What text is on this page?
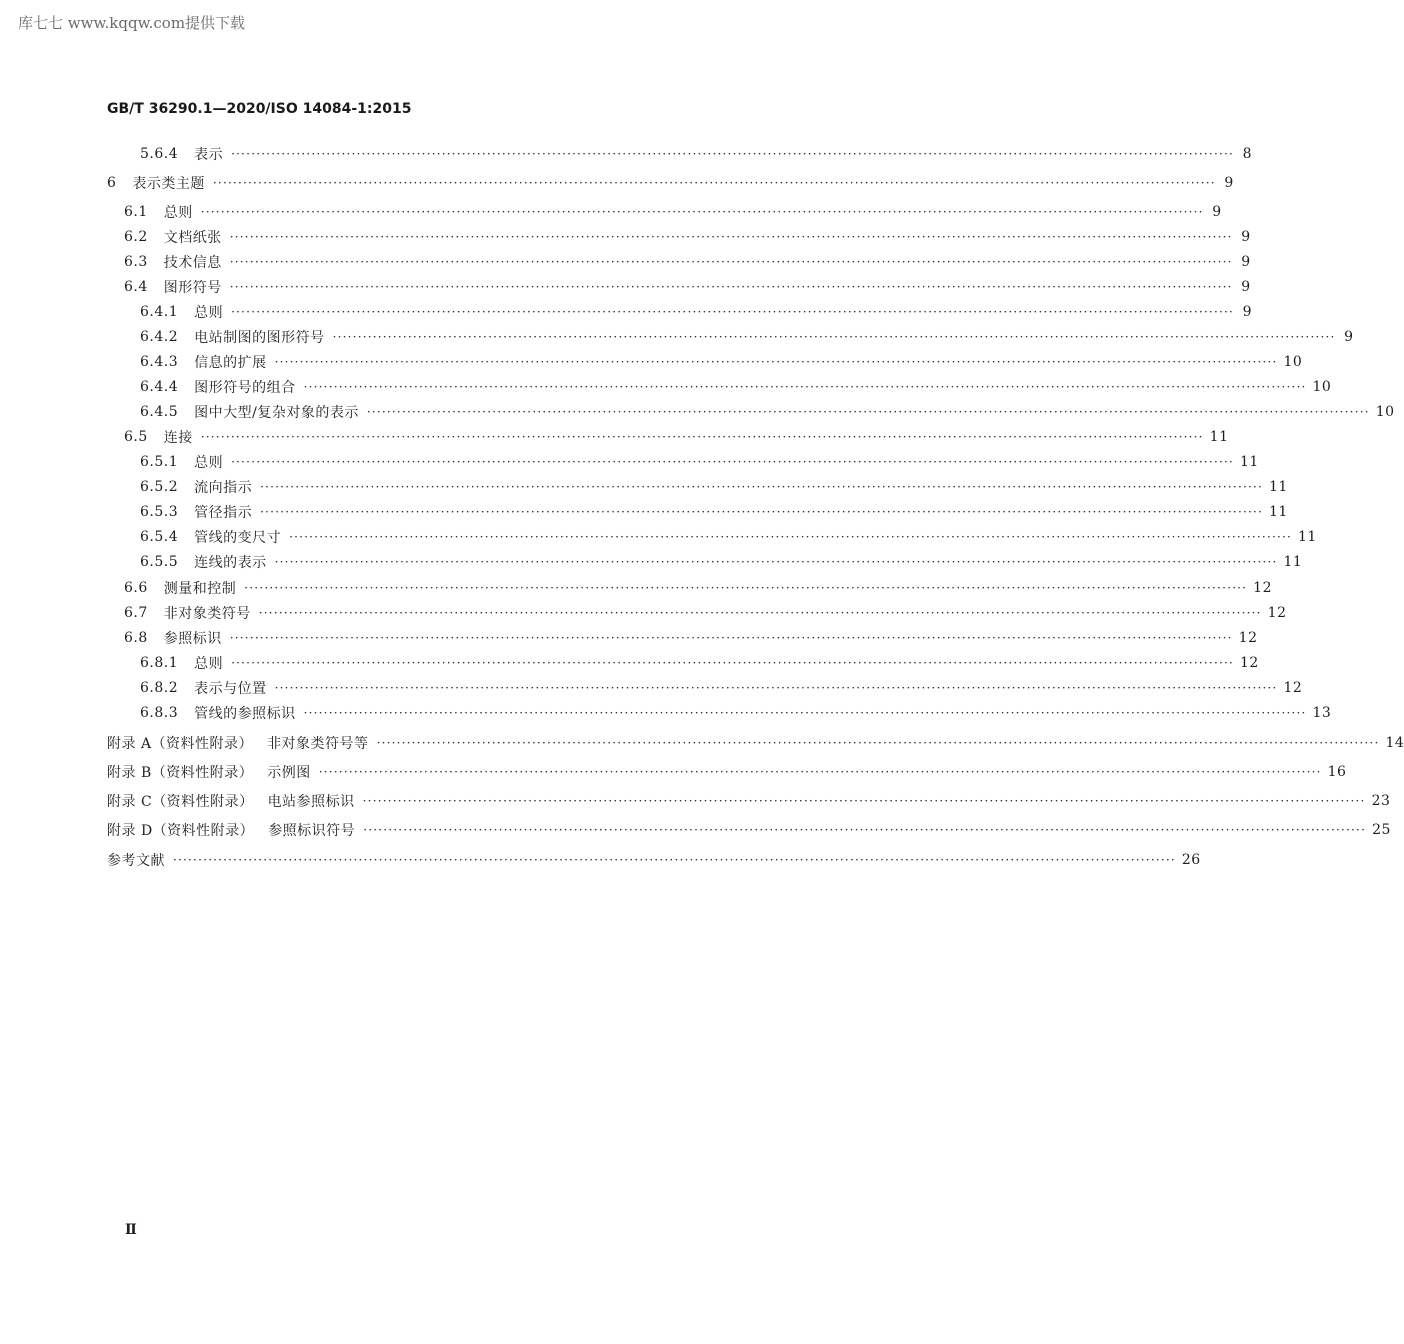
库七七 www.kqqw.com提供下载
GB/T 36290.1—2020/ISO 14084-1:2015
5.6.4 表示 ········································································································································································································ 8
6 表示类主题 ········································································································································································································ 9
6.1 总则 ········································································································································································································ 9
6.2 文档纸张 ········································································································································································································ 9
6.3 技术信息 ········································································································································································································ 9
6.4 图形符号 ········································································································································································································ 9
6.4.1 总则 ········································································································································································································ 9
6.4.2 电站制图的图形符号 ········································································································································································································ 9
6.4.3 信息的扩展 ········································································································································································································ 10
6.4.4 图形符号的组合 ········································································································································································································ 10
6.4.5 图中大型/复杂对象的表示 ········································································································································································································ 10
6.5 连接 ········································································································································································································ 11
6.5.1 总则 ········································································································································································································ 11
6.5.2 流向指示 ········································································································································································································ 11
6.5.3 管径指示 ········································································································································································································ 11
6.5.4 管线的变尺寸 ········································································································································································································ 11
6.5.5 连线的表示 ········································································································································································································ 11
6.6 测量和控制 ········································································································································································································ 12
6.7 非对象类符号 ········································································································································································································ 12
6.8 参照标识 ········································································································································································································ 12
6.8.1 总则 ········································································································································································································ 12
6.8.2 表示与位置 ········································································································································································································ 12
6.8.3 管线的参照标识 ········································································································································································································ 13
附录 A（资料性附录） 非对象类符号等 ········································································································································································································ 14
附录 B（资料性附录） 示例图 ········································································································································································································ 16
附录 C（资料性附录） 电站参照标识 ········································································································································································································ 23
附录 D（资料性附录） 参照标识符号 ········································································································································································································ 25
参考文献 ········································································································································································································ 26
Ⅱ
